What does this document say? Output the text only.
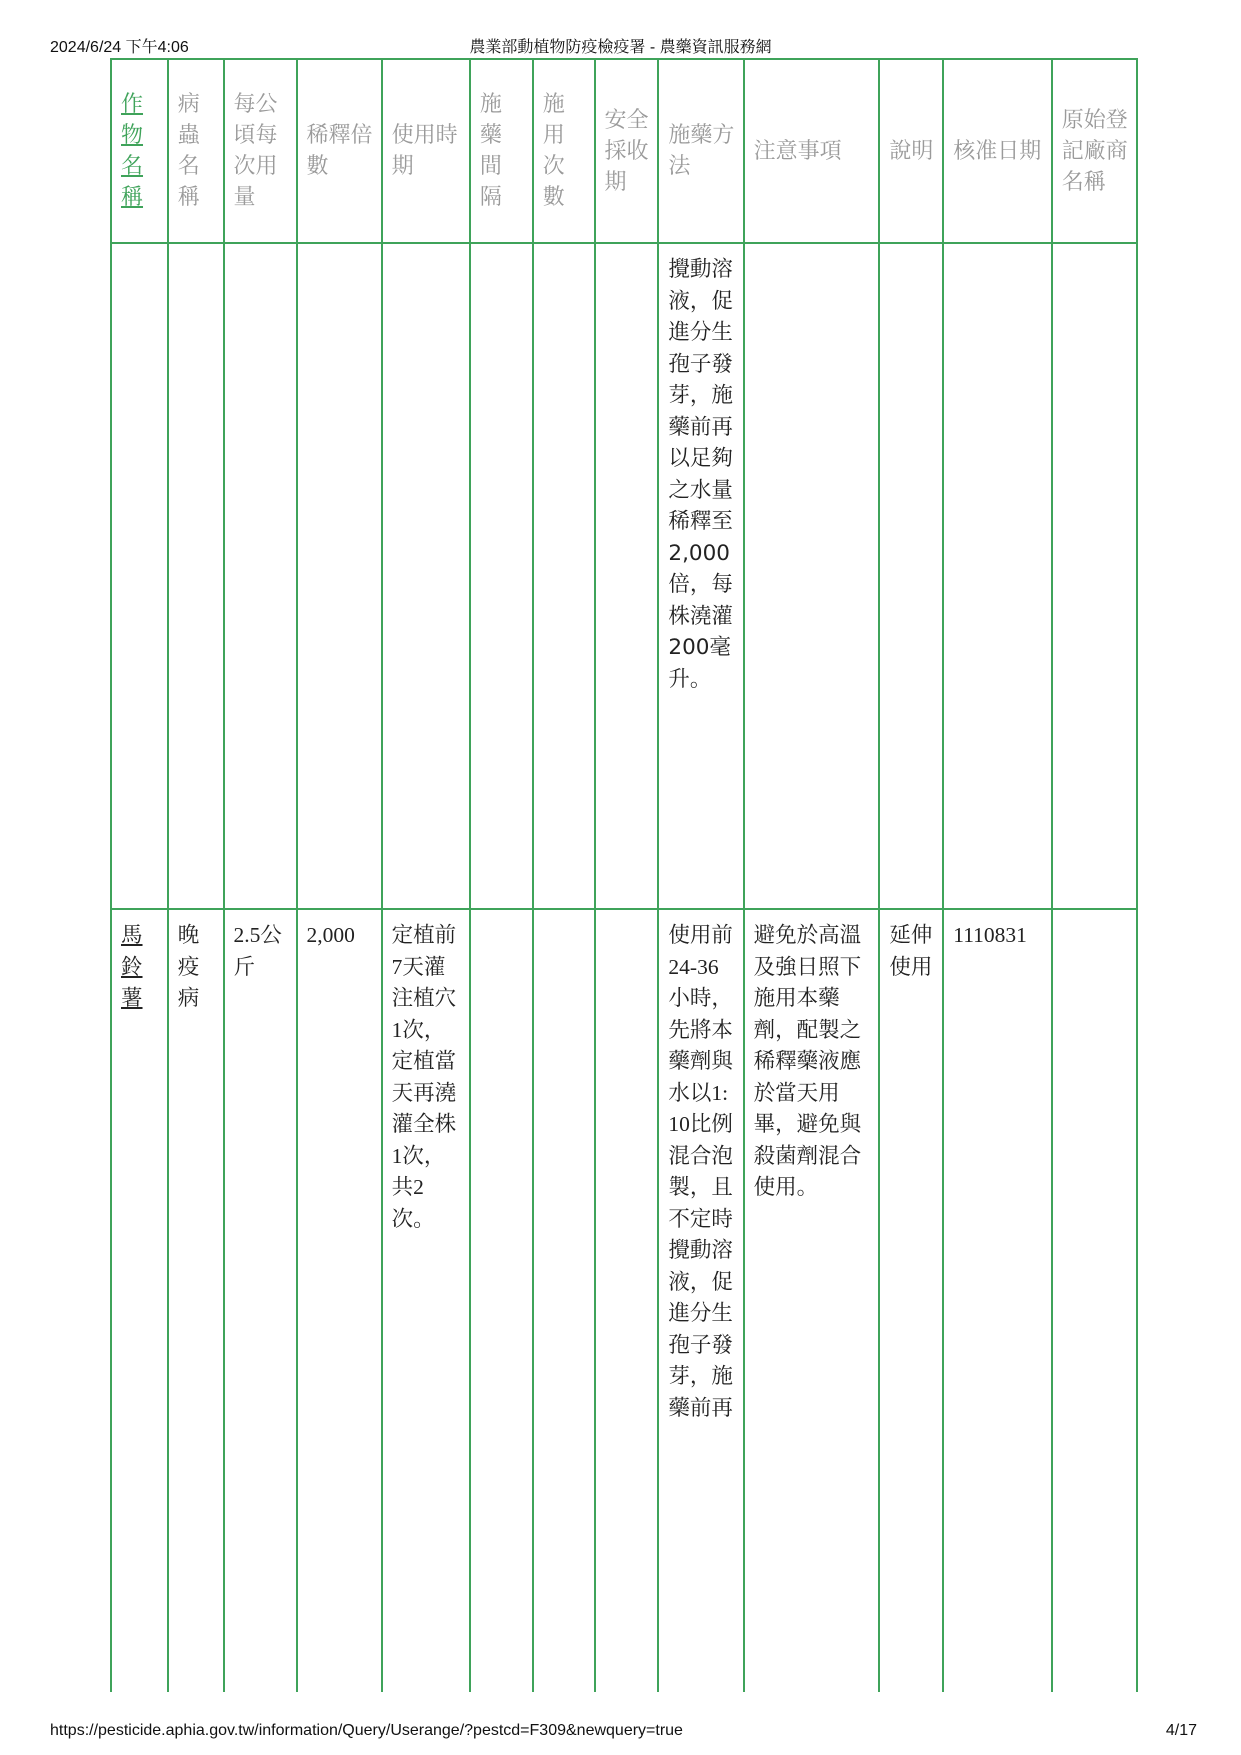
2024/6/24 下午4:06	農業部動植物防疫檢疫署 - 農藥資訊服務網
作物名稱	病蟲名稱	每公頃每次用量	稀釋倍數	使用時期	施藥間隔	施用次數	安全採收期	施藥方法	注意事項	說明	核准日期	原始登記廠商名稱

								攪動溶液，促進分生孢子發芽，施藥前再以足夠之水量稀釋至2,000倍，每株澆灌200毫升。				

馬鈴薯	晚疫病	2.5公斤	2,000	定植前7天灌注植穴1次，定植當天再澆灌全株1次，共2次。				使用前24-36小時，先將本藥劑與水以1:10比例混合泡製，且不定時攪動溶液，促進分生孢子發芽，施藥前再	避免於高溫及強日照下施用本藥劑，配製之稀釋藥液應於當天用畢，避免與殺菌劑混合使用。	延伸使用	1110831	

https://pesticide.aphia.gov.tw/information/Query/Userange/?pestcd=F309&newquery=true	4/17
